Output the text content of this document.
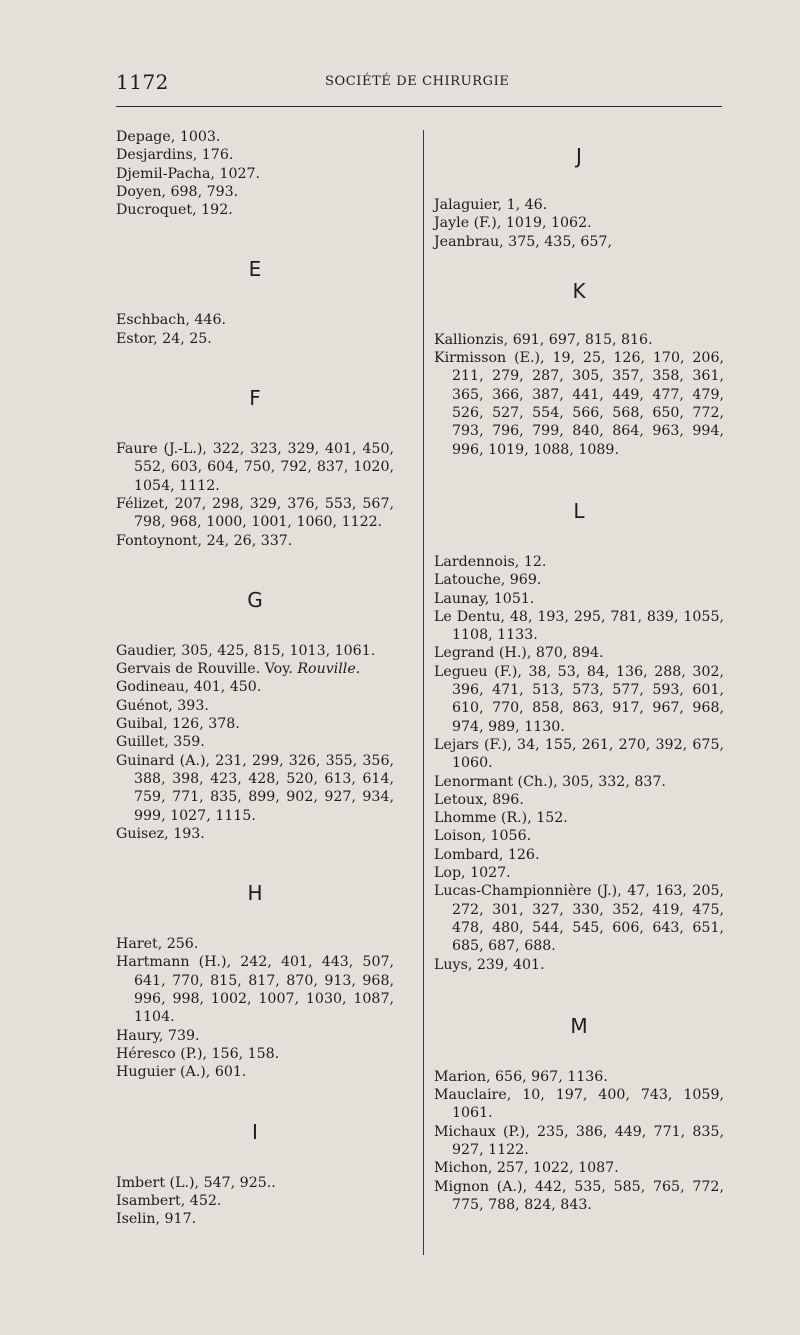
1172	SOCIÉTÉ DE CHIRURGIE
Depage, 1003.
Desjardins, 176.
Djemil-Pacha, 1027.
Doyen, 698, 793.
Ducroquet, 192.
E
Eschbach, 446.
Estor, 24, 25.
F
Faure (J.-L.), 322, 323, 329, 401, 450, 552, 603, 604, 750, 792, 837, 1020, 1054, 1112.
Félizet, 207, 298, 329, 376, 553, 567, 798, 968, 1000, 1001, 1060, 1122.
Fontoynont, 24, 26, 337.
G
Gaudier, 305, 425, 815, 1013, 1061.
Gervais de Rouville. Voy. Rouville.
Godineau, 401, 450.
Guénot, 393.
Guibal, 126, 378.
Guillet, 359.
Guinard (A.), 231, 299, 326, 355, 356, 388, 398, 423, 428, 520, 613, 614, 759, 771, 835, 899, 902, 927, 934, 999, 1027, 1115.
Guisez, 193.
H
Haret, 256.
Hartmann (H.), 242, 401, 443, 507, 641, 770, 815, 817, 870, 913, 968, 996, 998, 1002, 1007, 1030, 1087, 1104.
Haury, 739.
Héresco (P.), 156, 158.
Huguier (A.), 601.
I
Imbert (L.), 547, 925..
Isambert, 452.
Iselin, 917.
J
Jalaguier, 1, 46.
Jayle (F.), 1019, 1062.
Jeanbrau, 375, 435, 657,
K
Kallionzis, 691, 697, 815, 816.
Kirmisson (E.), 19, 25, 126, 170, 206, 211, 279, 287, 305, 357, 358, 361, 365, 366, 387, 441, 449, 477, 479, 526, 527, 554, 566, 568, 650, 772, 793, 796, 799, 840, 864, 963, 994, 996, 1019, 1088, 1089.
L
Lardennois, 12.
Latouche, 969.
Launay, 1051.
Le Dentu, 48, 193, 295, 781, 839, 1055, 1108, 1133.
Legrand (H.), 870, 894.
Legueu (F.), 38, 53, 84, 136, 288, 302, 396, 471, 513, 573, 577, 593, 601, 610, 770, 858, 863, 917, 967, 968, 974, 989, 1130.
Lejars (F.), 34, 155, 261, 270, 392, 675, 1060.
Lenormant (Ch.), 305, 332, 837.
Letoux, 896.
Lhomme (R.), 152.
Loison, 1056.
Lombard, 126.
Lop, 1027.
Lucas-Championnière (J.), 47, 163, 205, 272, 301, 327, 330, 352, 419, 475, 478, 480, 544, 545, 606, 643, 651, 685, 687, 688.
Luys, 239, 401.
M
Marion, 656, 967, 1136.
Mauclaire, 10, 197, 400, 743, 1059, 1061.
Michaux (P.), 235, 386, 449, 771, 835, 927, 1122.
Michon, 257, 1022, 1087.
Mignon (A.), 442, 535, 585, 765, 772, 775, 788, 824, 843.
